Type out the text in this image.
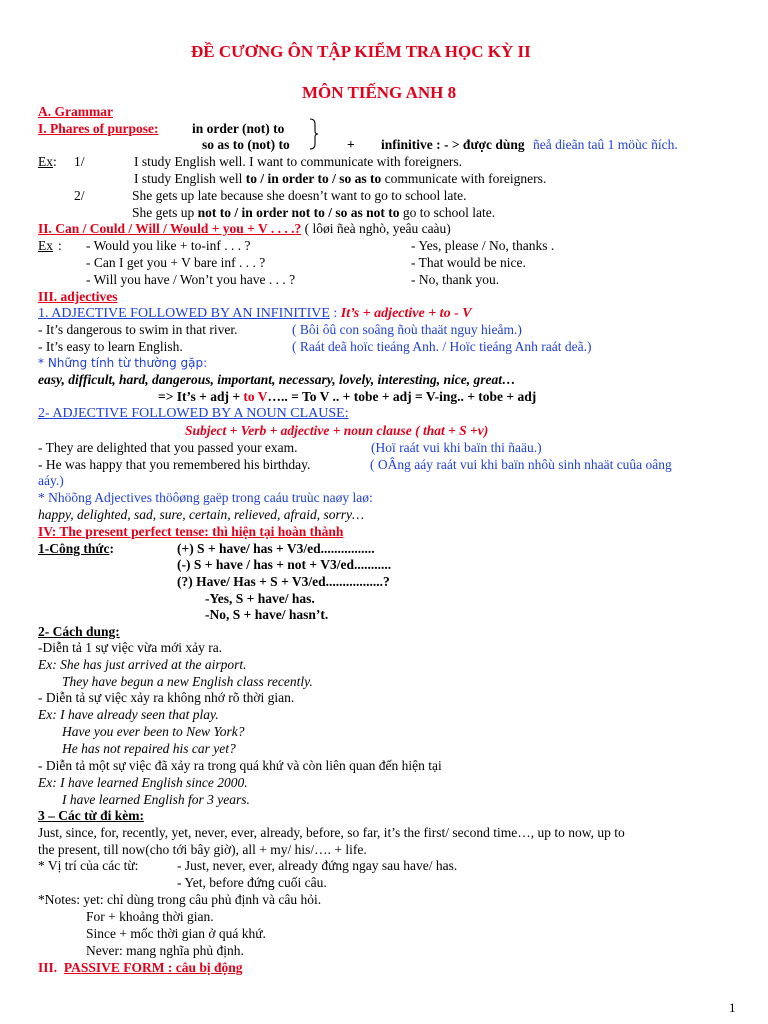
ĐỀ CƯƠNG ÔN TẬP KIỂM TRA HỌC KỲ II
MÔN TIẾNG ANH 8
A. Grammar
I. Phares of purpose: in order (not) to
so as to (not) to	+ infinitive : - > được dùng ñeå dieãn taû 1 möùc ñích.
Ex: 1/	I study English well. I want to communicate with foreigners.
I study English well to / in order to / so as to communicate with foreigners.
2/	She gets up late because she doesn’t want to go to school late.
She gets up not to / in order not to / so as not to go to school late.
II. Can / Could / Will / Would + you + V . . . .? ( lôøi ñeà nghò, yeâu caàu)
Ex : - Would you like + to-inf . . . ?	- Yes, please / No, thanks .
- Can I get you + V bare inf . . . ?	- That would be nice.
- Will you have / Won’t you have . . . ?	- No, thank you.
III. adjectives
1. ADJECTIVE FOLLOWED BY AN INFINITIVE : It’s + adjective + to - V
- It’s dangerous to swim in that river.	( Bôi ôû con soâng ñoù thaät nguy hieåm.)
- It’s easy to learn English.	( Raát deã hoïc tieáng Anh. / Hoïc tieáng Anh raát deã.)
* Những tính từ thường gặp:
easy, difficult, hard, dangerous, important, necessary, lovely, interesting, nice, great…
=> It’s + adj + to V….. = To V .. + tobe + adj = V-ing.. + tobe + adj
2- ADJECTIVE FOLLOWED BY A NOUN CLAUSE:
Subject + Verb + adjective + noun clause ( that + S +v)
- They are delighted that you passed your exam.	(Hoï raát vui khi baïn thi ñaäu.)
- He was happy that you remembered his birthday.	( OÂng aáy raát vui khi baïn nhôù sinh nhaät cuûa oâng
aáy.)
* Nhöõng Adjectives thöôøng gaëp trong caáu truùc naøy laø:
happy, delighted, sad, sure, certain, relieved, afraid, sorry…
IV: The present perfect tense: thì hiện tại hoàn thành
1-Công thức:	(+) S + have/ has + V3/ed................
(-) S + have / has + not + V3/ed...........
(?) Have/ Has + S + V3/ed.................?
-Yes, S + have/ has.
-No, S + have/ hasn’t.
2- Cách dung:
-Diễn tả 1 sự việc vừa mới xảy ra.
Ex: She has just arrived at the airport.
They have begun a new English class recently.
- Diễn tả sự việc xảy ra không nhớ rõ thời gian.
Ex: I have already seen that play.
Have you ever been to New York?
He has not repaired his car yet?
- Diễn tả một sự việc đã xảy ra trong quá khứ và còn liên quan đến hiện tại
Ex: I have learned English since 2000.
I have learned English for 3 years.
3 – Các từ đi kèm:
Just, since, for, recently, yet, never, ever, already, before, so far, it’s the first/ second time…, up to now, up to
the present, till now(cho tới bây giờ), all + my/ his/…. + life.
* Vị trí của các từ:	- Just, never, ever, already đứng ngay sau have/ has.
- Yet, before đứng cuối câu.
*Notes: yet: chỉ dùng trong câu phủ định và câu hỏi.
For + khoảng thời gian.
Since + mốc thời gian ở quá khứ.
Never: mang nghĩa phủ định.
III. PASSIVE FORM : câu bị động
1
